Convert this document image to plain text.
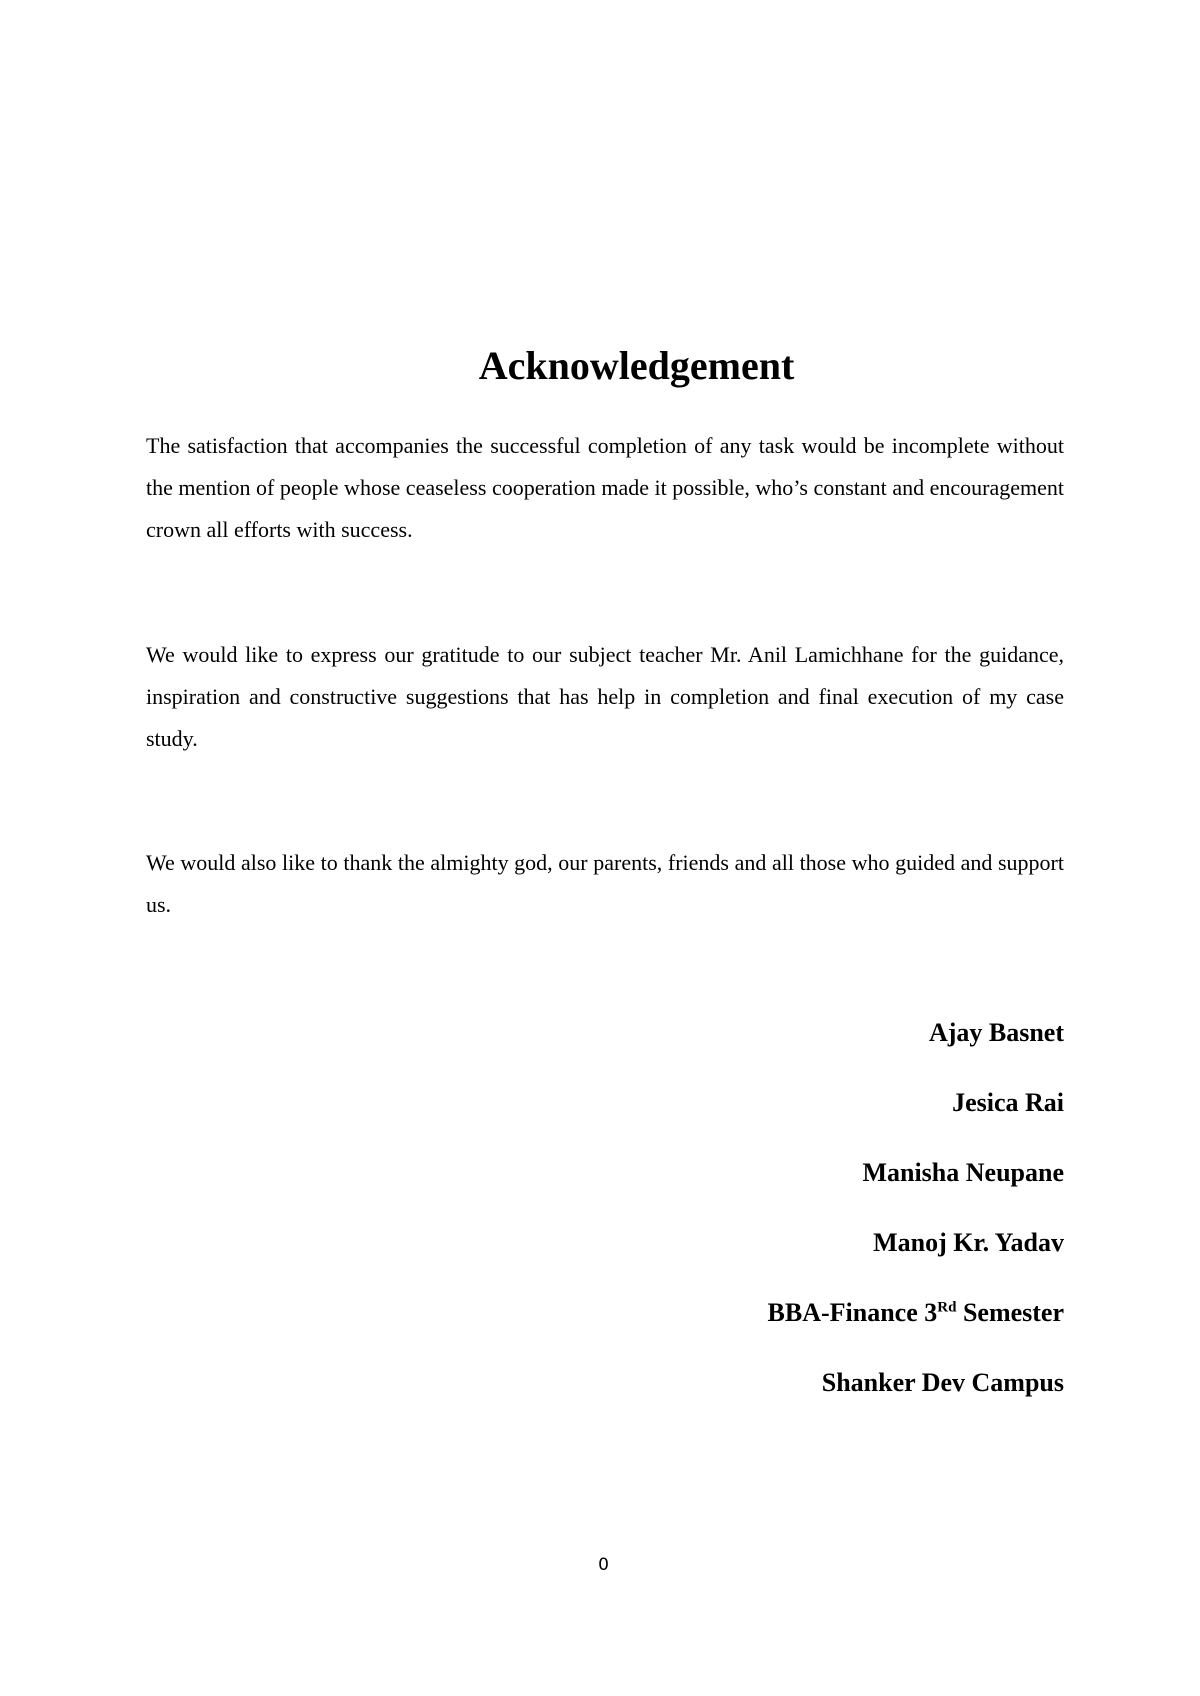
Acknowledgement

The satisfaction that accompanies the successful completion of any task would be incomplete without the mention of people whose ceaseless cooperation made it possible, who’s constant and encouragement crown all efforts with success.

We would like to express our gratitude to our subject teacher Mr. Anil Lamichhane for the guidance, inspiration and constructive suggestions that has help in completion and final execution of my case study.

We would also like to thank the almighty god, our parents, friends and all those who guided and support us.

Ajay Basnet
Jesica Rai
Manisha Neupane
Manoj Kr. Yadav
BBA-Finance 3Rd Semester
Shanker Dev Campus
0
